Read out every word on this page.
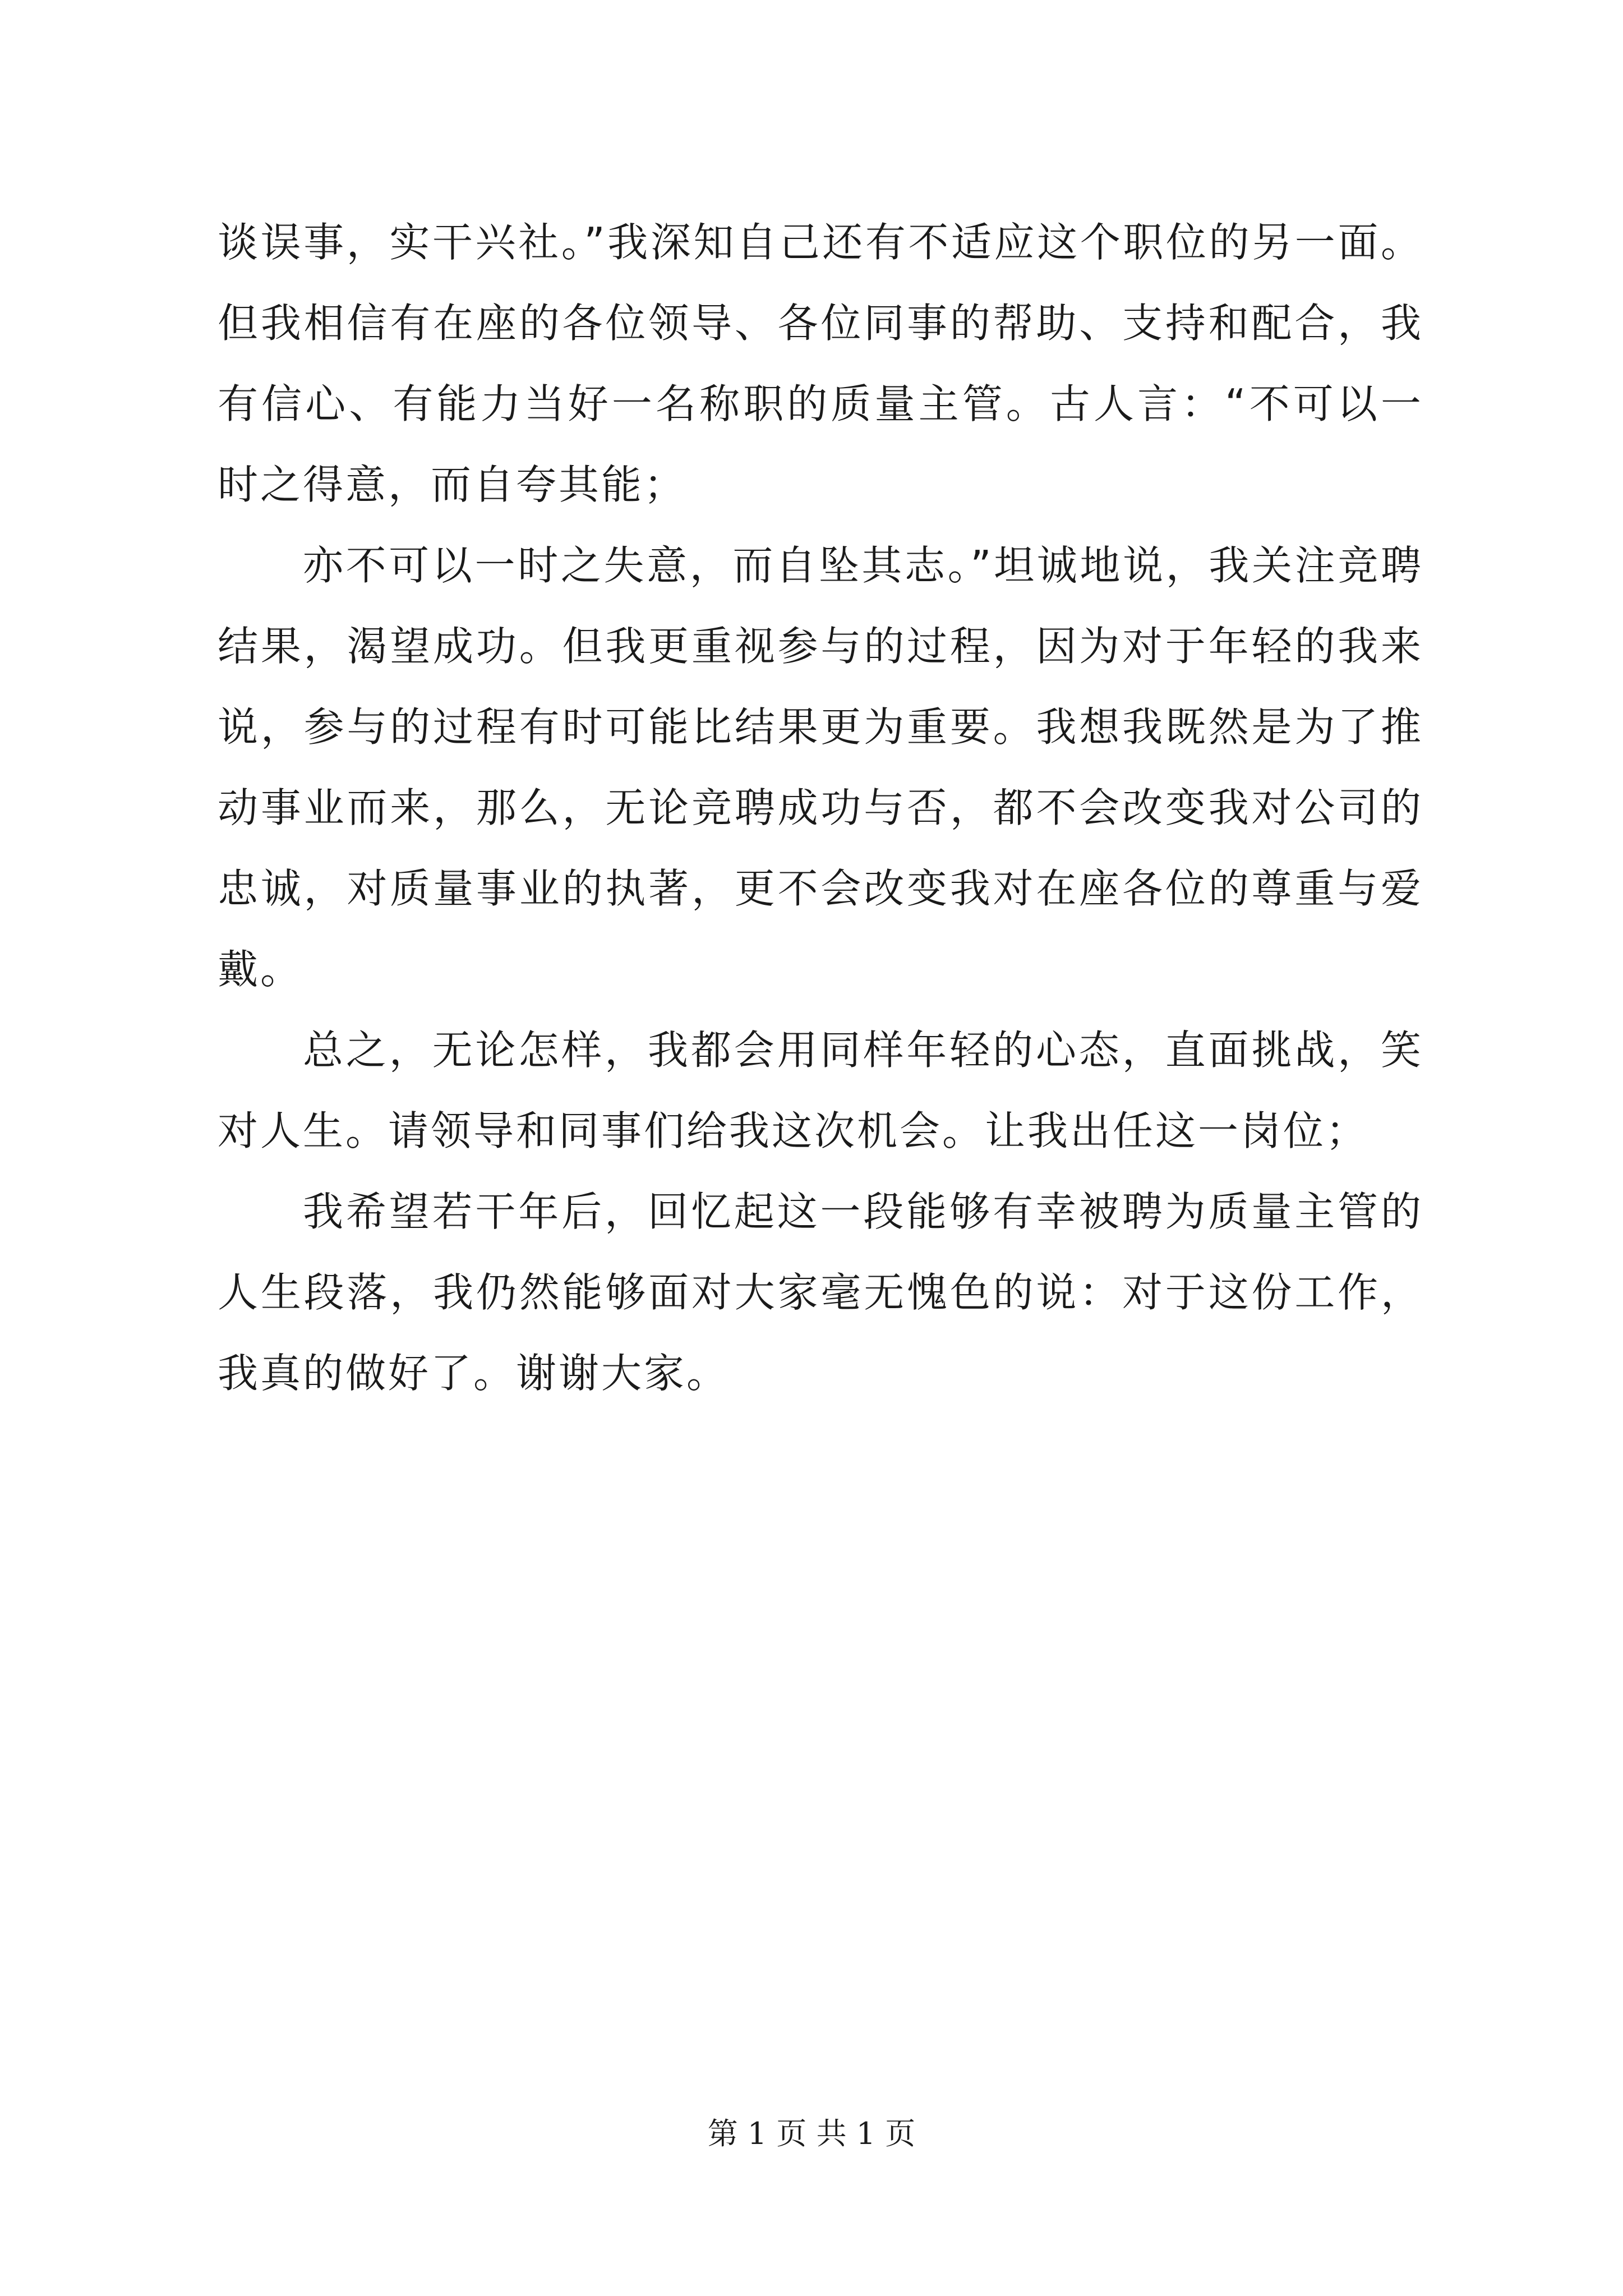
谈误事，实干兴社。”我深知自己还有不适应这个职位的另一面。但我相信有在座的各位领导、各位同事的帮助、支持和配合，我有信心、有能力当好一名称职的质量主管。古人言：“不可以一时之得意，而自夸其能；

亦不可以一时之失意，而自坠其志。”坦诚地说，我关注竞聘结果，渴望成功。但我更重视参与的过程，因为对于年轻的我来说，参与的过程有时可能比结果更为重要。我想我既然是为了推动事业而来，那么，无论竞聘成功与否，都不会改变我对公司的忠诚，对质量事业的执著，更不会改变我对在座各位的尊重与爱戴。

总之，无论怎样，我都会用同样年轻的心态，直面挑战，笑对人生。请领导和同事们给我这次机会。让我出任这一岗位；

我希望若干年后，回忆起这一段能够有幸被聘为质量主管的人生段落，我仍然能够面对大家毫无愧色的说：对于这份工作，我真的做好了。谢谢大家。

第 1 页 共 1 页
